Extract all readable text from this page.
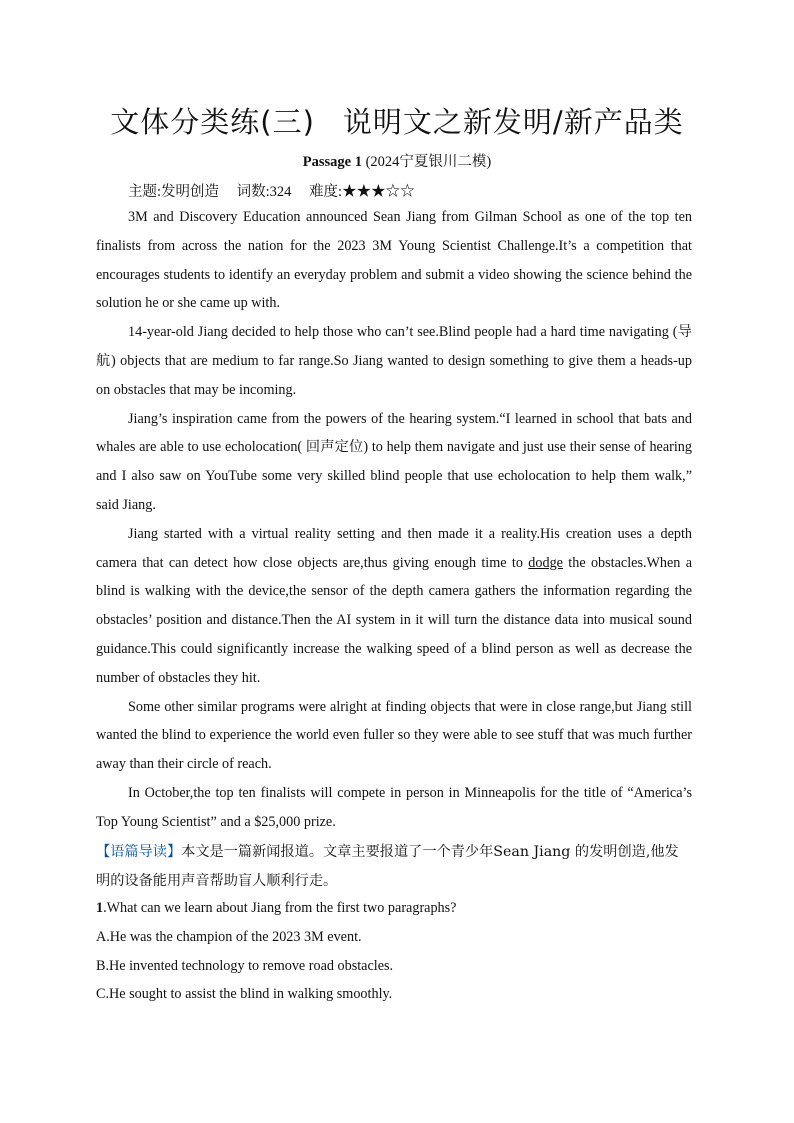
文体分类练(三) 说明文之新发明/新产品类
Passage 1 (2024宁夏银川二模)
主题:发明创造 词数:324 难度:★★★☆☆

3M and Discovery Education announced Sean Jiang from Gilman School as one of the top ten finalists from across the nation for the 2023 3M Young Scientist Challenge.It’s a competition that encourages students to identify an everyday problem and submit a video showing the science behind the solution he or she came up with.

14-year-old Jiang decided to help those who can’t see.Blind people had a hard time navigating (导航) objects that are medium to far range.So Jiang wanted to design something to give them a heads-up on obstacles that may be incoming.

Jiang’s inspiration came from the powers of the hearing system.“I learned in school that bats and whales are able to use echolocation( 回声定位) to help them navigate and just use their sense of hearing and I also saw on YouTube some very skilled blind people that use echolocation to help them walk,” said Jiang.

Jiang started with a virtual reality setting and then made it a reality.His creation uses a depth camera that can detect how close objects are,thus giving enough time to dodge the obstacles.When a blind is walking with the device,the sensor of the depth camera gathers the information regarding the obstacles’ position and distance.Then the AI system in it will turn the distance data into musical sound guidance.This could significantly increase the walking speed of a blind person as well as decrease the number of obstacles they hit.

Some other similar programs were alright at finding objects that were in close range,but Jiang still wanted the blind to experience the world even fuller so they were able to see stuff that was much further away than their circle of reach.

In October,the top ten finalists will compete in person in Minneapolis for the title of “America’s Top Young Scientist” and a $25,000 prize.

【语篇导读】本文是一篇新闻报道。文章主要报道了一个青少年Sean Jiang 的发明创造,他发明的设备能用声音帮助盲人顺利行走。
1.What can we learn about Jiang from the first two paragraphs?
A.He was the champion of the 2023 3M event.
B.He invented technology to remove road obstacles.
C.He sought to assist the blind in walking smoothly.
